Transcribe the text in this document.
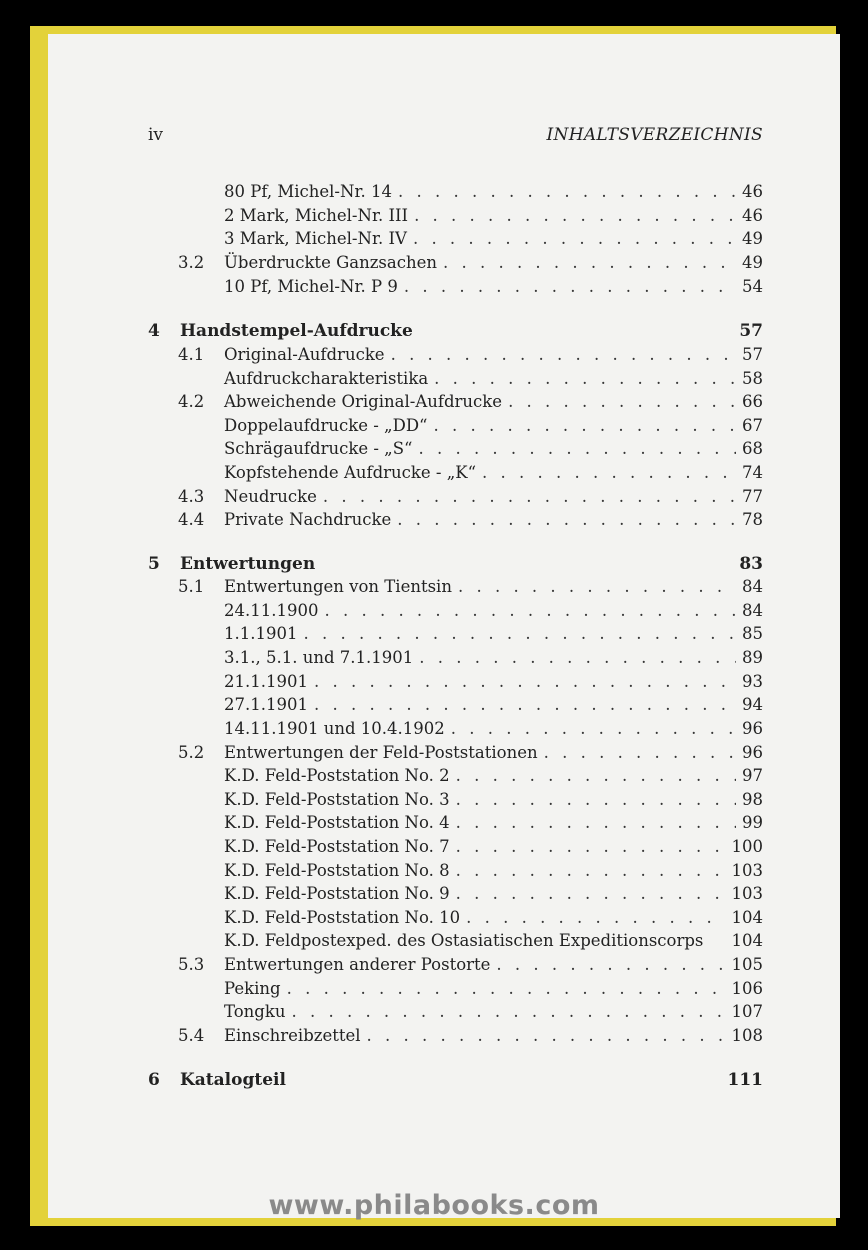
iv	INHALTSVERZEICHNIS
80 Pf, Michel-Nr. 14 . . .	46
2 Mark, Michel-Nr. III . . .	46
3 Mark, Michel-Nr. IV . . .	49
3.2 Überdruckte Ganzsachen . . .	49
10 Pf, Michel-Nr. P 9 . . .	54
4 Handstempel-Aufdrucke	57
4.1 Original-Aufdrucke . . .	57
Aufdruckcharakteristika . . .	58
4.2 Abweichende Original-Aufdrucke . . .	66
Doppelaufdrucke - „DD“ . . .	67
Schrägaufdrucke - „S“ . . .	68
Kopfstehende Aufdrucke - „K“ . . .	74
4.3 Neudrucke . . .	77
4.4 Private Nachdrucke . . .	78
5 Entwertungen	83
5.1 Entwertungen von Tientsin . . .	84
24.11.1900 . . .	84
1.1.1901 . . .	85
3.1., 5.1. und 7.1.1901 . . .	89
21.1.1901 . . .	93
27.1.1901 . . .	94
14.11.1901 und 10.4.1902 . . .	96
5.2 Entwertungen der Feld-Poststationen . . .	96
K.D. Feld-Poststation No. 2 . . .	97
K.D. Feld-Poststation No. 3 . . .	98
K.D. Feld-Poststation No. 4 . . .	99
K.D. Feld-Poststation No. 7 . . .	100
K.D. Feld-Poststation No. 8 . . .	103
K.D. Feld-Poststation No. 9 . . .	103
K.D. Feld-Poststation No. 10 . . .	104
K.D. Feldpostexped. des Ostasiatischen Expeditionscorps 104
5.3 Entwertungen anderer Postorte . . .	105
Peking . . .	106
Tongku . . .	107
5.4 Einschreibzettel . . .	108
6 Katalogteil	111
www.philabooks.com
